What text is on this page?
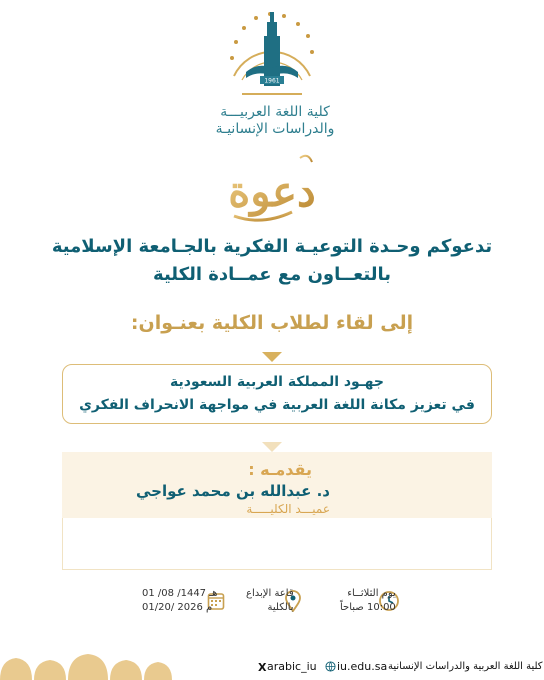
1961
كلية اللغة العربيـــة
والدراسات الإنسانيـة
دعوة
تدعوكم وحـدة التوعيـة الفكرية بالجـامعة الإسلامية
بالتعــاون مع عمــادة الكلية
إلى لقاء لطلاب الكلية بعنـوان:
جهـود المملكة العربية السعودية
في تعزيز مكانة اللغة العربية في مواجهة الانحراف الفكري
يقدمـه :
د. عبدالله بن محمد عواجي
عميـــد الكليـــــة
يوم الثلاثــاء
10:00 صباحاً
قاعة الإبداع
بالكلية
هـ 1447/ 08/ 01
م 2026 /01/20
X arabic_iu iu.edu.sa كلية اللغة العربية والدراسات الإنسانية
